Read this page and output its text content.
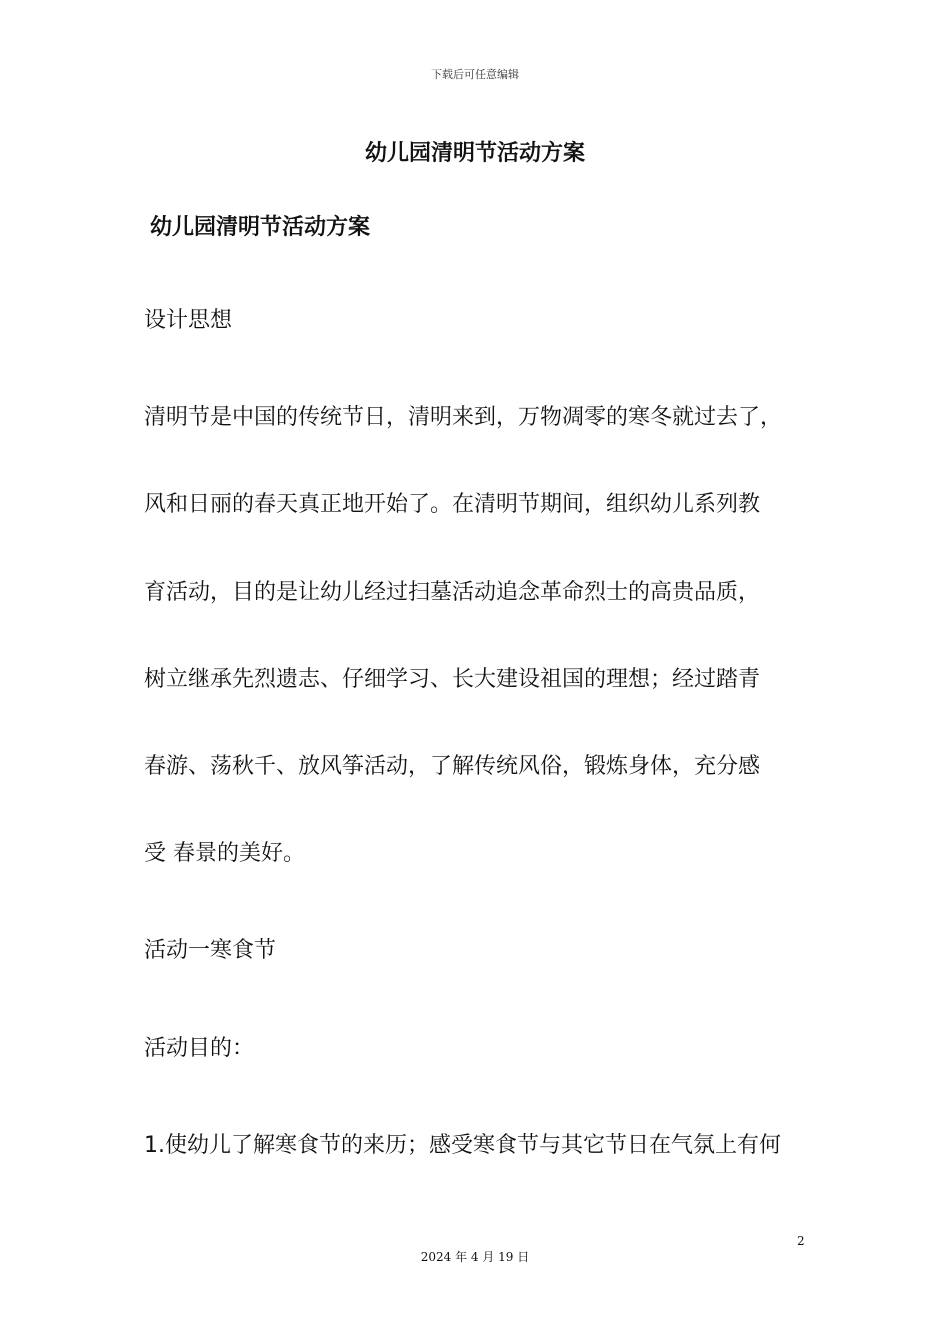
下载后可任意编辑
幼儿园清明节活动方案
幼儿园清明节活动方案

设计思想

清明节是中国的传统节日，清明来到，万物凋零的寒冬就过去了，

风和日丽的春天真正地开始了。在清明节期间，组织幼儿系列教

育活动，目的是让幼儿经过扫墓活动追念革命烈士的高贵品质，

树立继承先烈遗志、仔细学习、长大建设祖国的理想；经过踏青

春游、荡秋千、放风筝活动，了解传统风俗，锻炼身体，充分感

受 春景的美好。

活动一寒食节

活动目的：

1.使幼儿了解寒食节的来历；感受寒食节与其它节日在气氛上有何

2
2024 年 4 月 19 日
